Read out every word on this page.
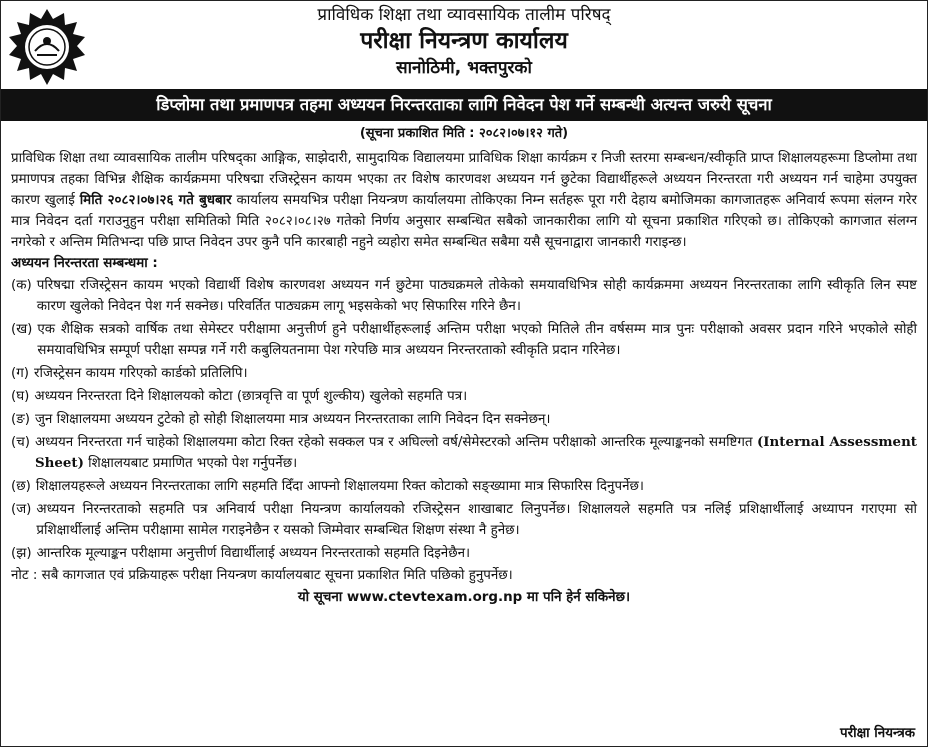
प्राविधिक शिक्षा तथा व्यावसायिक तालीम परिषद्
परीक्षा नियन्त्रण कार्यालय
सानोठिमी, भक्तपुरको
डिप्लोमा तथा प्रमाणपत्र तहमा अध्ययन निरन्तरताका लागि निवेदन पेश गर्ने सम्बन्धी अत्यन्त जरुरी सूचना
(सूचना प्रकाशित मिति : २०८२।०७।१२ गते)

प्राविधिक शिक्षा तथा व्यावसायिक तालीम परिषद्का आङ्गिक, साझेदारी, सामुदायिक विद्यालयमा प्राविधिक शिक्षा कार्यक्रम र निजी स्तरमा सम्बन्धन/स्वीकृति प्राप्त शिक्षालयहरूमा डिप्लोमा तथा प्रमाणपत्र तहका विभिन्न शैक्षिक कार्यक्रममा परिषद्मा रजिस्ट्रेसन कायम भएका तर विशेष कारणवश अध्ययन गर्न छुटेका विद्यार्थीहरूले अध्ययन निरन्तरता गरी अध्ययन गर्न चाहेमा उपयुक्त कारण खुलाई मिति २०८२।०७।२६ गते बुधबार कार्यालय समयभित्र परीक्षा नियन्त्रण कार्यालयमा तोकिएका निम्न सर्तहरू पूरा गरी देहाय बमोजिमका कागजातहरू अनिवार्य रूपमा संलग्न गरेर मात्र निवेदन दर्ता गराउनुहुन परीक्षा समितिको मिति २०८२।०८।२७ गतेको निर्णय अनुसार सम्बन्धित सबैको जानकारीका लागि यो सूचना प्रकाशित गरिएको छ। तोकिएको कागजात संलग्न नगरेको र अन्तिम मितिभन्दा पछि प्राप्त निवेदन उपर कुनै पनि कारबाही नहुने व्यहोरा समेत सम्बन्धित सबैमा यसै सूचनाद्वारा जानकारी गराइन्छ।

अध्ययन निरन्तरता सम्बन्धमा :
(क) परिषद्मा रजिस्ट्रेसन कायम भएको विद्यार्थी विशेष कारणवश अध्ययन गर्न छुटेमा पाठ्यक्रमले तोकेको समयावधिभित्र सोही कार्यक्रममा अध्ययन निरन्तरताका लागि स्वीकृति लिन स्पष्ट कारण खुलेको निवेदन पेश गर्न सक्नेछ। परिवर्तित पाठ्यक्रम लागू भइसकेको भए सिफारिस गरिने छैन।
(ख) एक शैक्षिक सत्रको वार्षिक तथा सेमेस्टर परीक्षामा अनुत्तीर्ण हुने परीक्षार्थीहरूलाई अन्तिम परीक्षा भएको मितिले तीन वर्षसम्म मात्र पुनः परीक्षाको अवसर प्रदान गरिने भएकोले सोही समयावधिभित्र सम्पूर्ण परीक्षा सम्पन्न गर्ने गरी कबुलियतनामा पेश गरेपछि मात्र अध्ययन निरन्तरताको स्वीकृति प्रदान गरिनेछ।
(ग) रजिस्ट्रेसन कायम गरिएको कार्डको प्रतिलिपि।
(घ) अध्ययन निरन्तरता दिने शिक्षालयको कोटा (छात्रवृत्ति वा पूर्ण शुल्कीय) खुलेको सहमति पत्र।
(ङ) जुन शिक्षालयमा अध्ययन टुटेको हो सोही शिक्षालयमा मात्र अध्ययन निरन्तरताका लागि निवेदन दिन सक्नेछन्।
(च) अध्ययन निरन्तरता गर्न चाहेको शिक्षालयमा कोटा रिक्त रहेको सक्कल पत्र र अघिल्लो वर्ष/सेमेस्टरको अन्तिम परीक्षाको आन्तरिक मूल्याङ्कनको समष्टिगत (Internal Assessment Sheet) शिक्षालयबाट प्रमाणित भएको पेश गर्नुपर्नेछ।
(छ) शिक्षालयहरूले अध्ययन निरन्तरताका लागि सहमति दिँदा आफ्नो शिक्षालयमा रिक्त कोटाको सङ्ख्यामा मात्र सिफारिस दिनुपर्नेछ।
(ज) अध्ययन निरन्तरताको सहमति पत्र अनिवार्य परीक्षा नियन्त्रण कार्यालयको रजिस्ट्रेसन शाखाबाट लिनुपर्नेछ। शिक्षालयले सहमति पत्र नलिई प्रशिक्षार्थीलाई अध्यापन गराएमा सो प्रशिक्षार्थीलाई अन्तिम परीक्षामा सामेल गराइनेछैन र यसको जिम्मेवार सम्बन्धित शिक्षण संस्था नै हुनेछ।
(झ) आन्तरिक मूल्याङ्कन परीक्षामा अनुत्तीर्ण विद्यार्थीलाई अध्ययन निरन्तरताको सहमति दिइनेछैन।
नोट : सबै कागजात एवं प्रक्रियाहरू परीक्षा नियन्त्रण कार्यालयबाट सूचना प्रकाशित मिति पछिको हुनुपर्नेछ।
यो सूचना www.ctevtexam.org.np मा पनि हेर्न सकिनेछ।
परीक्षा नियन्त्रक
